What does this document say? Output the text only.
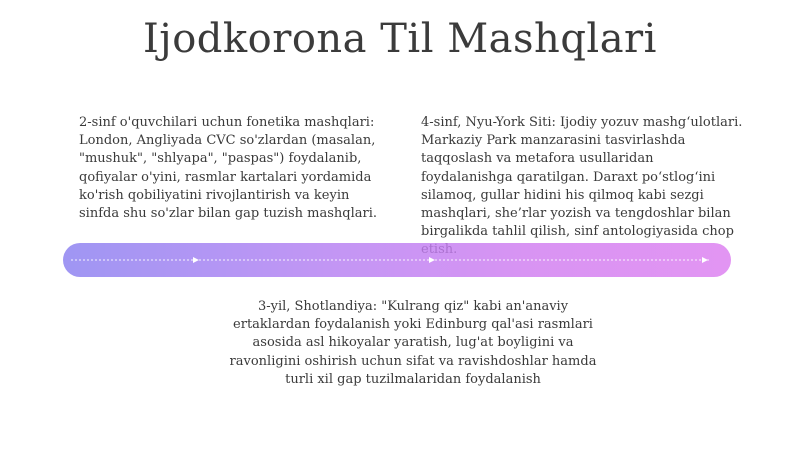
Ijodkorona Til Mashqlari
2-sinf o'quvchilari uchun fonetika mashqlari: London, Angliyada CVC so'zlardan (masalan, "mushuk", "shlyapa", "paspas") foydalanib, qofiyalar o'yini, rasmlar kartalari yordamida ko'rish qobiliyatini rivojlantirish va keyin sinfda shu so'zlar bilan gap tuzish mashqlari.
4-sinf, Nyu-York Siti: Ijodiy yozuv mashg‘ulotlari. Markaziy Park manzarasini tasvirlashda taqqoslash va metafora usullaridan foydalanishga qaratilgan. Daraxt po‘stlog‘ini silamoq, gullar hidini his qilmoq kabi sezgi mashqlari, she’rlar yozish va tengdoshlar bilan birgalikda tahlil qilish, sinf antologiyasida chop
3-yil, Shotlandiya: "Kulrang qiz" kabi an'anaviy ertaklardan foydalanish yoki Edinburg qal'asi rasmlari asosida asl hikoyalar yaratish, lug'at boyligini va ravonligini oshirish uchun sifat va ravishdoshlar hamda turli xil gap tuzilmalaridan foydalanish
